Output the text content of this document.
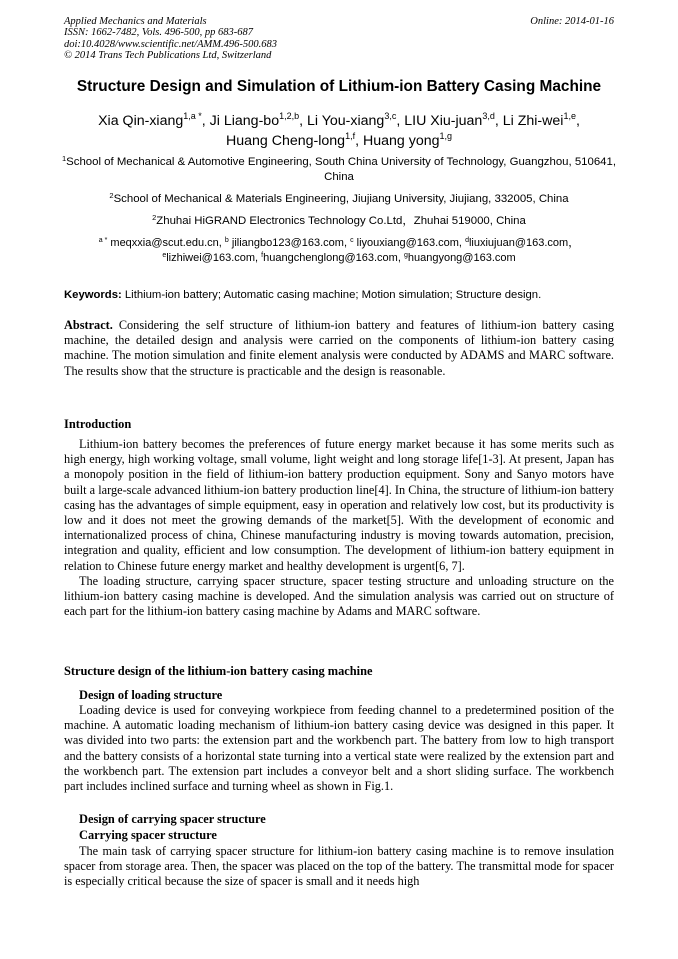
Applied Mechanics and Materials
ISSN: 1662-7482, Vols. 496-500, pp 683-687
doi:10.4028/www.scientific.net/AMM.496-500.683
© 2014 Trans Tech Publications Ltd, Switzerland
Online: 2014-01-16
Structure Design and Simulation of Lithium-ion Battery Casing Machine
Xia Qin-xiang$^{1,a *}$, Ji Liang-bo$^{1,2,b}$, Li You-xiang$^{3,c}$, LIU Xiu-juan$^{3,d}$, Li Zhi-wei$^{1,e}$,
Huang Cheng-long$^{1,f}$, Huang yong$^{1,g}$
$^1$School of Mechanical & Automotive Engineering, South China University of Technology, Guangzhou, 510641, China
$^2$School of Mechanical & Materials Engineering, Jiujiang University, Jiujiang, 332005, China
$^2$Zhuhai HiGRAND Electronics Technology Co.Ltd，Zhuhai 519000, China
$^{a *}$ meqxxia@scut.edu.cn, $^b$ jiliangbo123@163.com, $^c$ liyouxiang@163.com, $^d$liuxiujuan@163.com，
$^e$lizhiwei@163.com, $^f$huangchenglong@163.com, $^g$huangyong@163.com
Keywords: Lithium-ion battery; Automatic casing machine; Motion simulation; Structure design.
Abstract. Considering the self structure of lithium-ion battery and features of lithium-ion battery casing machine, the detailed design and analysis were carried on the components of lithium-ion battery casing machine. The motion simulation and finite element analysis were conducted by ADAMS and MARC software. The results show that the structure is practicable and the design is reasonable.
Introduction

Lithium-ion battery becomes the preferences of future energy market because it has some merits such as high energy, high working voltage, small volume, light weight and long storage life[1-3]. At present, Japan has a monopoly position in the field of lithium-ion battery production equipment. Sony and Sanyo motors have built a large-scale advanced lithium-ion battery production line[4]. In China, the structure of lithium-ion battery casing has the advantages of simple equipment, easy in operation and relatively low cost, but its productivity is low and it does not meet the growing demands of the market[5]. With the development of economic and internationalized process of china, Chinese manufacturing industry is moving towards automation, precision, integration and quality, efficient and low consumption. The development of lithium-ion battery equipment in relation to Chinese future energy market and healthy development is urgent[6, 7].

The loading structure, carrying spacer structure, spacer testing structure and unloading structure on the lithium-ion battery casing machine is developed. And the simulation analysis was carried out on structure of each part for the lithium-ion battery casing machine by Adams and MARC software.

Structure design of the lithium-ion battery casing machine
Design of loading structure

Loading device is used for conveying workpiece from feeding channel to a predetermined position of the machine. A automatic loading mechanism of lithium-ion battery casing device was designed in this paper. It was divided into two parts: the extension part and the workbench part. The battery from low to high transport and the battery consists of a horizontal state turning into a vertical state were realized by the extension part and the workbench part. The extension part includes a conveyor belt and a short sliding surface. The workbench part includes inclined surface and turning wheel as shown in Fig.1.

Design of carrying spacer structure
Carrying spacer structure

The main task of carrying spacer structure for lithium-ion battery casing machine is to remove insulation spacer from storage area. Then, the spacer was placed on the top of the battery. The transmittal mode for spacer is especially critical because the size of spacer is small and it needs high
